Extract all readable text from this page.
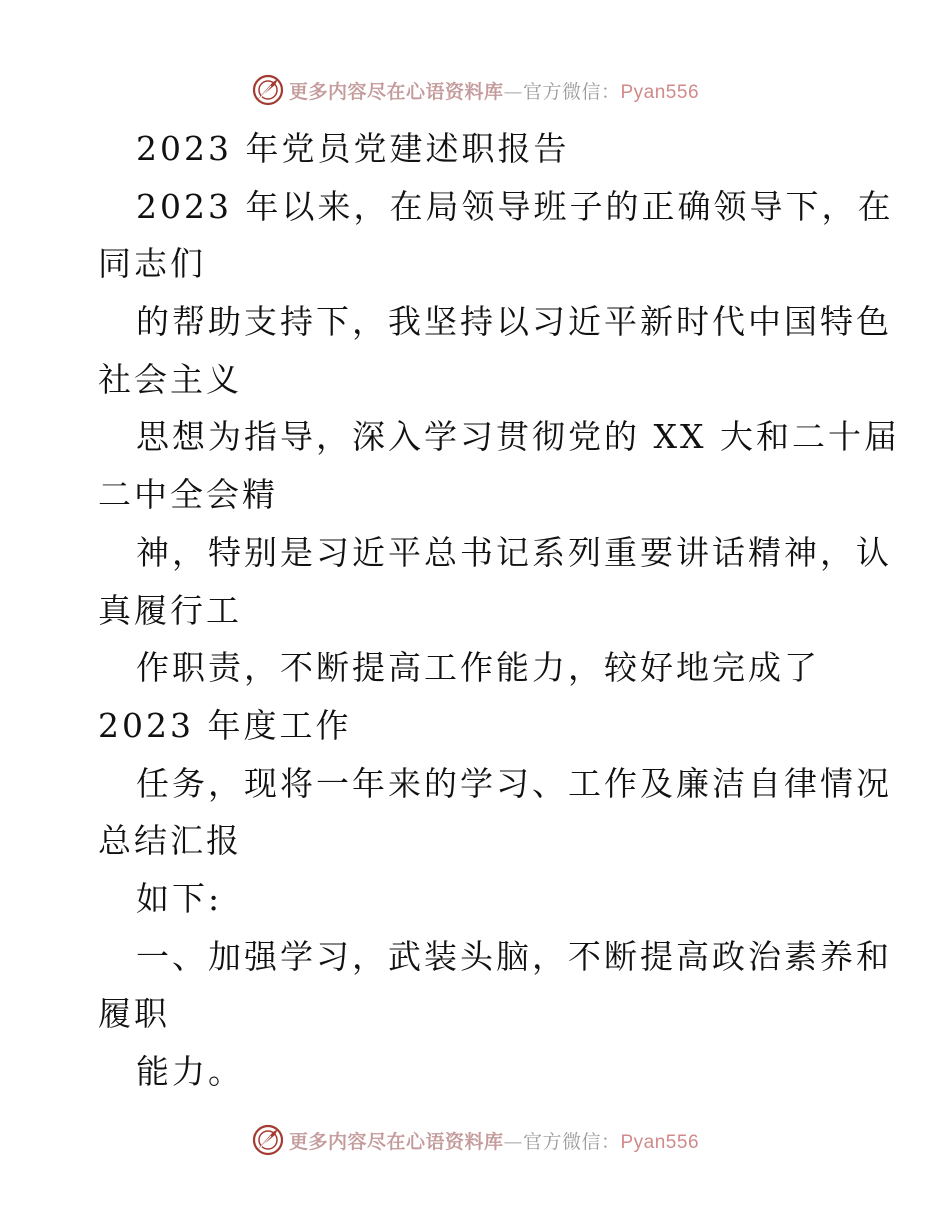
更多内容尽在心语资料库—官方微信：Pyan556
2023 年党员党建述职报告
2023 年以来，在局领导班子的正确领导下，在
同志们
的帮助支持下，我坚持以习近平新时代中国特色
社会主义
思想为指导，深入学习贯彻党的 XX 大和二十届
二中全会精
神，特别是习近平总书记系列重要讲话精神，认
真履行工
作职责，不断提高工作能力，较好地完成了
2023 年度工作
任务，现将一年来的学习、工作及廉洁自律情况
总结汇报
如下:
一、加强学习，武装头脑，不断提高政治素养和
履职
能力。
更多内容尽在心语资料库—官方微信：Pyan556
